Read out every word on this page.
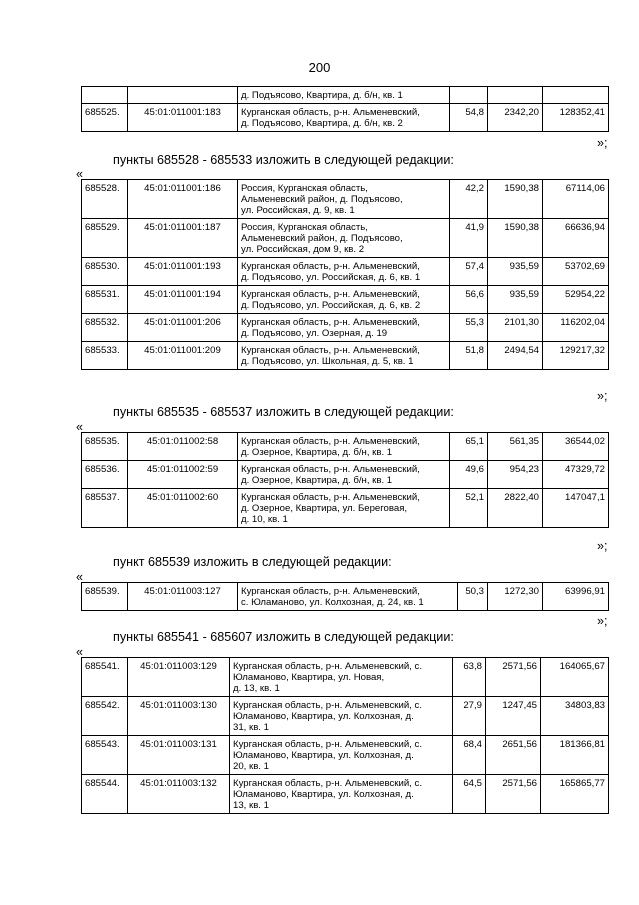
200

		д. Подъясово, Квартира, д. б/н, кв. 1			

685525.	45:01:011001:183	Курганская область, р-н. Альменевский,
д. Подъясово, Квартира, д. б/н, кв. 2	54,8	2342,20	128352,41
»;
пункты 685528 - 685533 изложить в следующей редакции:
«
685528.	45:01:011001:186	Россия, Курганская область,
Альменевский район, д. Подъясово,
ул. Российская, д. 9, кв. 1	42,2	1590,38	67114,06
685529.	45:01:011001:187	Россия, Курганская область,
Альменевский район, д. Подъясово,
ул. Российская, дом 9, кв. 2	41,9	1590,38	66636,94
685530.	45:01:011001:193	Курганская область, р-н. Альменевский,
д. Подъясово, ул. Российская, д. 6, кв. 1	57,4	935,59	53702,69
685531.	45:01:011001:194	Курганская область, р-н. Альменевский,
д. Подъясово, ул. Российская, д. 6, кв. 2	56,6	935,59	52954,22
685532.	45:01:011001:206	Курганская область, р-н. Альменевский,
д. Подъясово, ул. Озерная, д. 19	55,3	2101,30	116202,04
685533.	45:01:011001:209	Курганская область, р-н. Альменевский,
д. Подъясово, ул. Школьная, д. 5, кв. 1	51,8	2494,54	129217,32
»;
пункты 685535 - 685537 изложить в следующей редакции:
«
685535.	45:01:011002:58	Курганская область, р-н. Альменевский,
д. Озерное, Квартира, д. б/н, кв. 1	65,1	561,35	36544,02
685536.	45:01:011002:59	Курганская область, р-н. Альменевский,
д. Озерное, Квартира, д. б/н, кв. 1	49,6	954,23	47329,72
685537.	45:01:011002:60	Курганская область, р-н. Альменевский,
д. Озерное, Квартира, ул. Береговая,
д. 10, кв. 1	52,1	2822,40	147047,1
»;
пункт 685539 изложить в следующей редакции:
«
685539.	45:01:011003:127	Курганская область, р-н. Альменевский,
с. Юламаново, ул. Колхозная, д. 24, кв. 1
	50,3	1272,30	63996,91
»;
пункты 685541 - 685607 изложить в следующей редакции:
«
685541.	45:01:011003:129	Курганская область, р-н. Альменевский, с.
Юламаново, Квартира, ул. Новая,
д. 13, кв. 1	63,8	2571,56	164065,67
685542.	45:01:011003:130	Курганская область, р-н. Альменевский, с.
Юламаново, Квартира, ул. Колхозная, д.
31, кв. 1	27,9	1247,45	34803,83
685543.	45:01:011003:131	Курганская область, р-н. Альменевский, с.
Юламаново, Квартира, ул. Колхозная, д.
20, кв. 1	68,4	2651,56	181366,81
685544.	45:01:011003:132	Курганская область, р-н. Альменевский, с.
Юламаново, Квартира, ул. Колхозная, д.
13, кв. 1	64,5	2571,56	165865,77
